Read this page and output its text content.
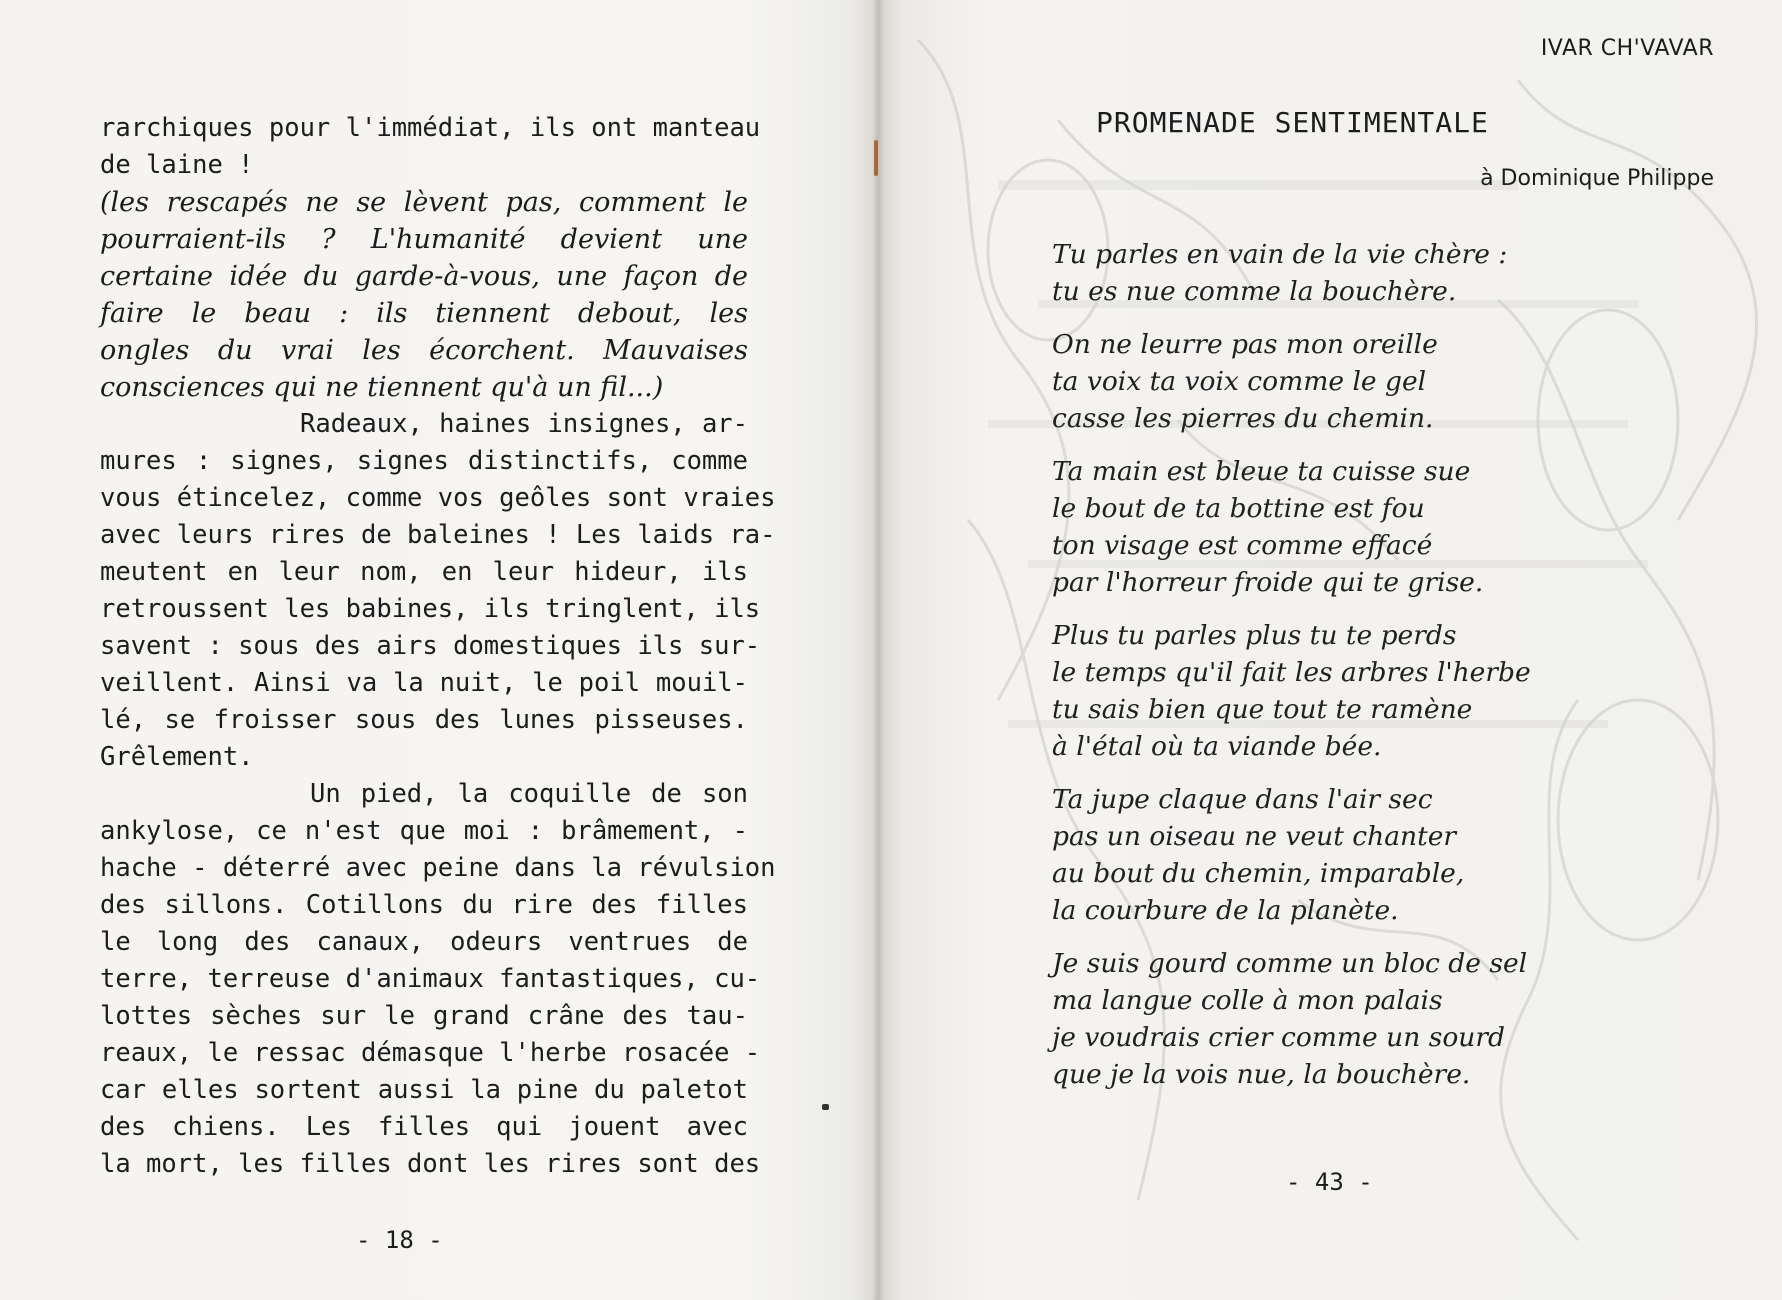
rarchiques pour l'immédiat, ils ont manteau
de laine !

(les rescapés ne se lèvent pas, comment le
pourraient-ils ? L'humanité devient une
certaine idée du garde-à-vous, une façon de
faire le beau : ils tiennent debout, les
ongles du vrai les écorchent. Mauvaises
consciences qui ne tiennent qu'à un fil...)

Radeaux, haines insignes, ar-
mures : signes, signes distinctifs, comme
vous étincelez, comme vos geôles sont vraies
avec leurs rires de baleines ! Les laids ra-
meutent en leur nom, en leur hideur, ils
retroussent les babines, ils tringlent, ils
savent : sous des airs domestiques ils sur-
veillent. Ainsi va la nuit, le poil mouil-
lé, se froisser sous des lunes pisseuses.
Grêlement.

Un pied, la coquille de son
ankylose, ce n'est que moi : brâmement, -
hache - déterré avec peine dans la révulsion
des sillons. Cotillons du rire des filles
le long des canaux, odeurs ventrues de
terre, terreuse d'animaux fantastiques, cu-
lottes sèches sur le grand crâne des tau-
reaux, le ressac démasque l'herbe rosacée -
car elles sortent aussi la pine du paletot
des chiens. Les filles qui jouent avec
la mort, les filles dont les rires sont des

- 18 -
IVAR CH'VAVAR
PROMENADE SENTIMENTALE
à Dominique Philippe
Tu parles en vain de la vie chère :
tu es nue comme la bouchère.
On ne leurre pas mon oreille
ta voix ta voix comme le gel
casse les pierres du chemin.
Ta main est bleue ta cuisse sue
le bout de ta bottine est fou
ton visage est comme effacé
par l'horreur froide qui te grise.
Plus tu parles plus tu te perds
le temps qu'il fait les arbres l'herbe
tu sais bien que tout te ramène
à l'étal où ta viande bée.
Ta jupe claque dans l'air sec
pas un oiseau ne veut chanter
au bout du chemin, imparable,
la courbure de la planète.
Je suis gourd comme un bloc de sel
ma langue colle à mon palais
je voudrais crier comme un sourd
que je la vois nue, la bouchère.
- 43 -
